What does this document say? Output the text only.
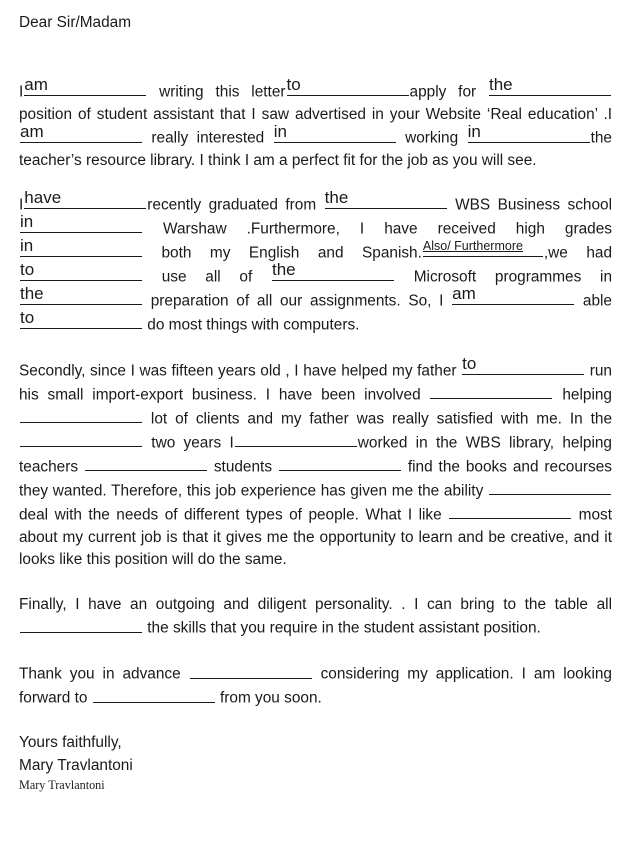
Dear Sir/Madam

I am	writing this letter to	apply for the
position of student assistant that I saw advertised in your Website ‘Real education’ .I
am	really interested in	working in	the teacher’s resource library. I think I am a perfect fit for the job as you will see.

I have	recently graduated from the	WBS Business school
in	Warshaw .Furthermore, I have received high grades
in	both my English and Spanish. Also/ Furthermore	,we had
to	use all of the	Microsoft programmes in
the	preparation of all our assignments. So, I am	able
to	do most things with computers.

Secondly, since I was fifteen years old , I have helped my father to	run his small import-export business. I have been involved	helping  lot of clients and my father was really satisfied with me. In the  two years I	worked in the WBS library, helping teachers	students	find the books and recourses they wanted. Therefore, this job experience has given me the ability  deal with the needs of different types of people. What I like	most about my current job is that it gives me the opportunity to learn and be creative, and it looks like this position will do the same.

Finally, I have an outgoing and diligent personality. . I can bring to the table all  the skills that you require in the student assistant position.

Thank you in advance	considering my application. I am looking forward to	from you soon.

Yours faithfully,
Mary Travlantoni
Mary Travlantoni
